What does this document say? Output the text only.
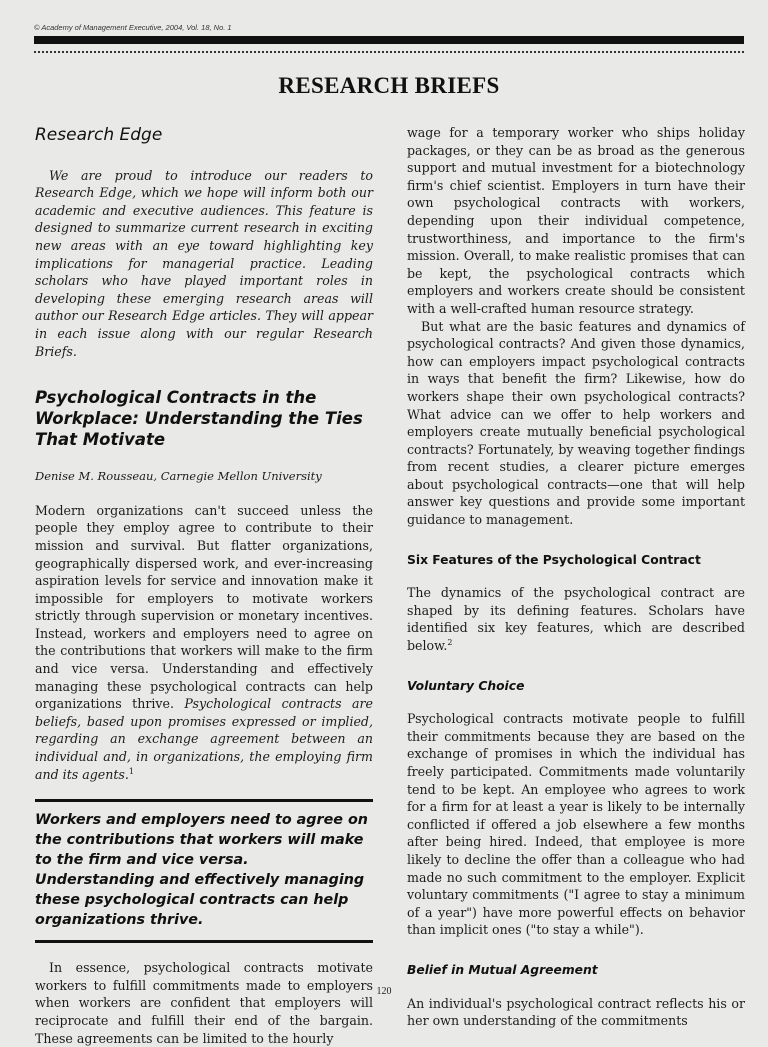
© Academy of Management Executive, 2004, Vol. 18, No. 1
RESEARCH BRIEFS
Research Edge

We are proud to introduce our readers to Research Edge, which we hope will inform both our academic and executive audiences. This feature is designed to summarize current research in exciting new areas with an eye toward highlighting key implications for managerial practice. Leading scholars who have played important roles in developing these emerging research areas will author our Research Edge articles. They will appear in each issue along with our regular Research Briefs.

Psychological Contracts in the Workplace: Understanding the Ties That Motivate
Denise M. Rousseau, Carnegie Mellon University

Modern organizations can't succeed unless the people they employ agree to contribute to their mission and survival. But flatter organizations, geographically dispersed work, and ever-increasing aspiration levels for service and innovation make it impossible for employers to motivate workers strictly through supervision or monetary incentives. Instead, workers and employers need to agree on the contributions that workers will make to the firm and vice versa. Understanding and effectively managing these psychological contracts can help organizations thrive. Psychological contracts are beliefs, based upon promises expressed or implied, regarding an exchange agreement between an individual and, in organizations, the employing firm and its agents.$^1$

Workers and employers need to agree on the contributions that workers will make to the firm and vice versa. Understanding and effectively managing these psychological contracts can help organizations thrive.

In essence, psychological contracts motivate workers to fulfill commitments made to employers when workers are confident that employers will reciprocate and fulfill their end of the bargain. These agreements can be limited to the hourly

wage for a temporary worker who ships holiday packages, or they can be as broad as the generous support and mutual investment for a biotechnology firm's chief scientist. Employers in turn have their own psychological contracts with workers, depending upon their individual competence, trustworthiness, and importance to the firm's mission. Overall, to make realistic promises that can be kept, the psychological contracts which employers and workers create should be consistent with a well-crafted human resource strategy.

But what are the basic features and dynamics of psychological contracts? And given those dynamics, how can employers impact psychological contracts in ways that benefit the firm? Likewise, how do workers shape their own psychological contracts? What advice can we offer to help workers and employers create mutually beneficial psychological contracts? Fortunately, by weaving together findings from recent studies, a clearer picture emerges about psychological contracts—one that will help answer key questions and provide some important guidance to management.

Six Features of the Psychological Contract

The dynamics of the psychological contract are shaped by its defining features. Scholars have identified six key features, which are described below.$^2$

Voluntary Choice

Psychological contracts motivate people to fulfill their commitments because they are based on the exchange of promises in which the individual has freely participated. Commitments made voluntarily tend to be kept. An employee who agrees to work for a firm for at least a year is likely to be internally conflicted if offered a job elsewhere a few months after being hired. Indeed, that employee is more likely to decline the offer than a colleague who had made no such commitment to the employer. Explicit voluntary commitments ("I agree to stay a minimum of a year") have more powerful effects on behavior than implicit ones ("to stay a while").

Belief in Mutual Agreement

An individual's psychological contract reflects his or her own understanding of the commitments

120
